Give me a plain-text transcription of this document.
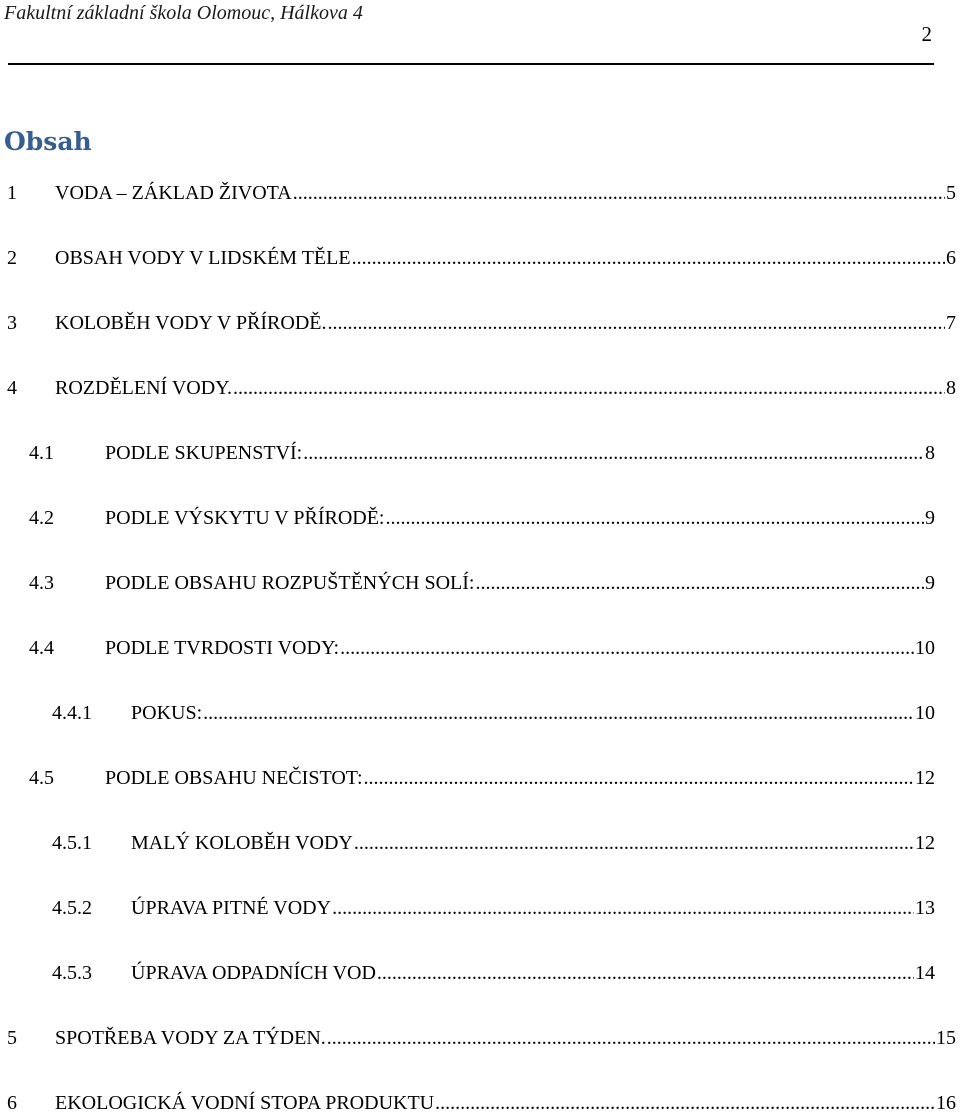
Fakultní základní škola Olomouc, Hálkova 4
2
Obsah
1 VODA – ZÁKLAD ŽIVOTA .....	5
2 OBSAH VODY V LIDSKÉM TĚLE .....	6
3 KOLOBĚH VODY V PŘÍRODĚ. .....	7
4 ROZDĚLENÍ VODY. .....	8
4.1	PODLE SKUPENSTVÍ: .....	8
4.2	PODLE VÝSKYTU V PŘÍRODĚ: .....	9
4.3	PODLE OBSAHU ROZPUŠTĚNÝCH SOLÍ: .....	9
4.4	PODLE TVRDOSTI VODY: .....	10
4.4.1 POKUS: .....	10
4.5	PODLE OBSAHU NEČISTOT: .....	12
4.5.1 MALÝ KOLOBĚH VODY .....	12
4.5.2 ÚPRAVA PITNÉ VODY .....	13
4.5.3 ÚPRAVA ODPADNÍCH VOD .....	14
5 SPOTŘEBA VODY ZA TÝDEN. .....	15
6 EKOLOGICKÁ VODNÍ STOPA PRODUKTU .....	16
